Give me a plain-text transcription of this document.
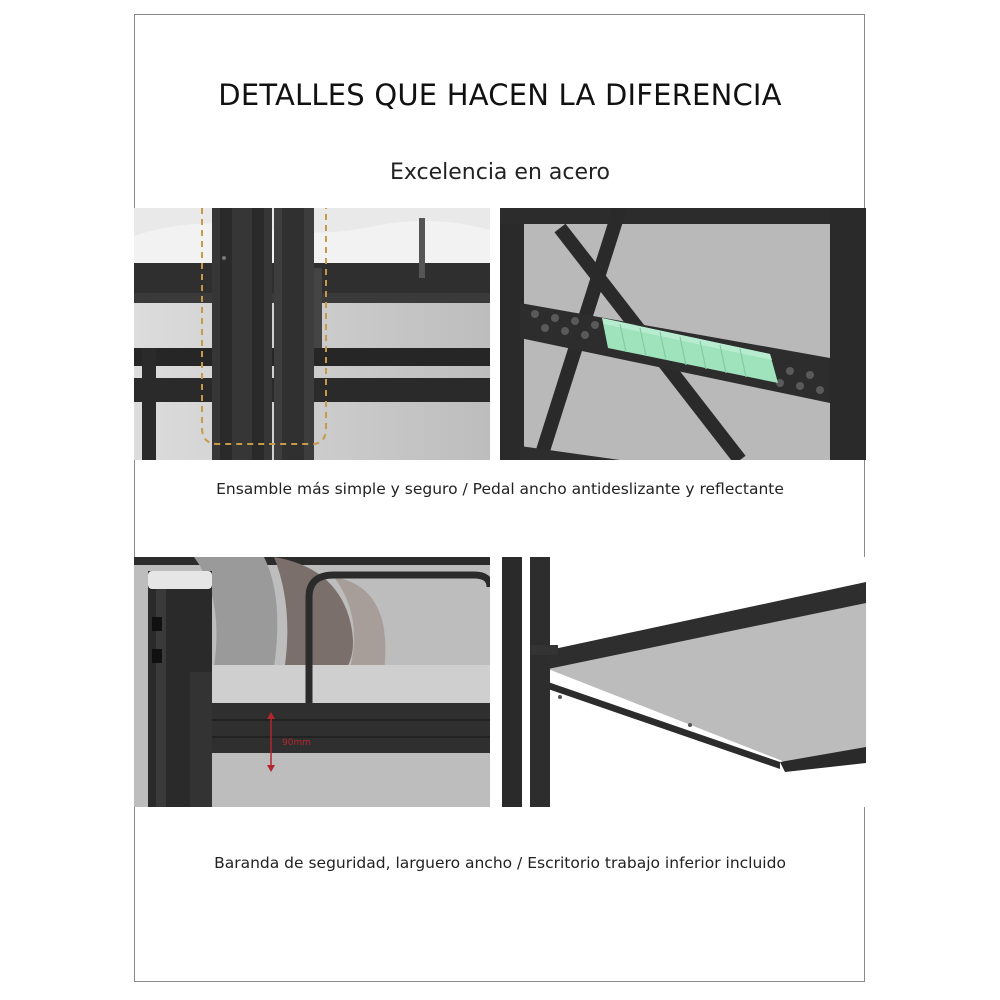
DETALLES QUE HACEN LA DIFERENCIA
Excelencia en acero
Ensamble más simple y seguro / Pedal ancho antideslizante y reflectante
90mm
Baranda de seguridad, larguero ancho / Escritorio trabajo inferior incluido
